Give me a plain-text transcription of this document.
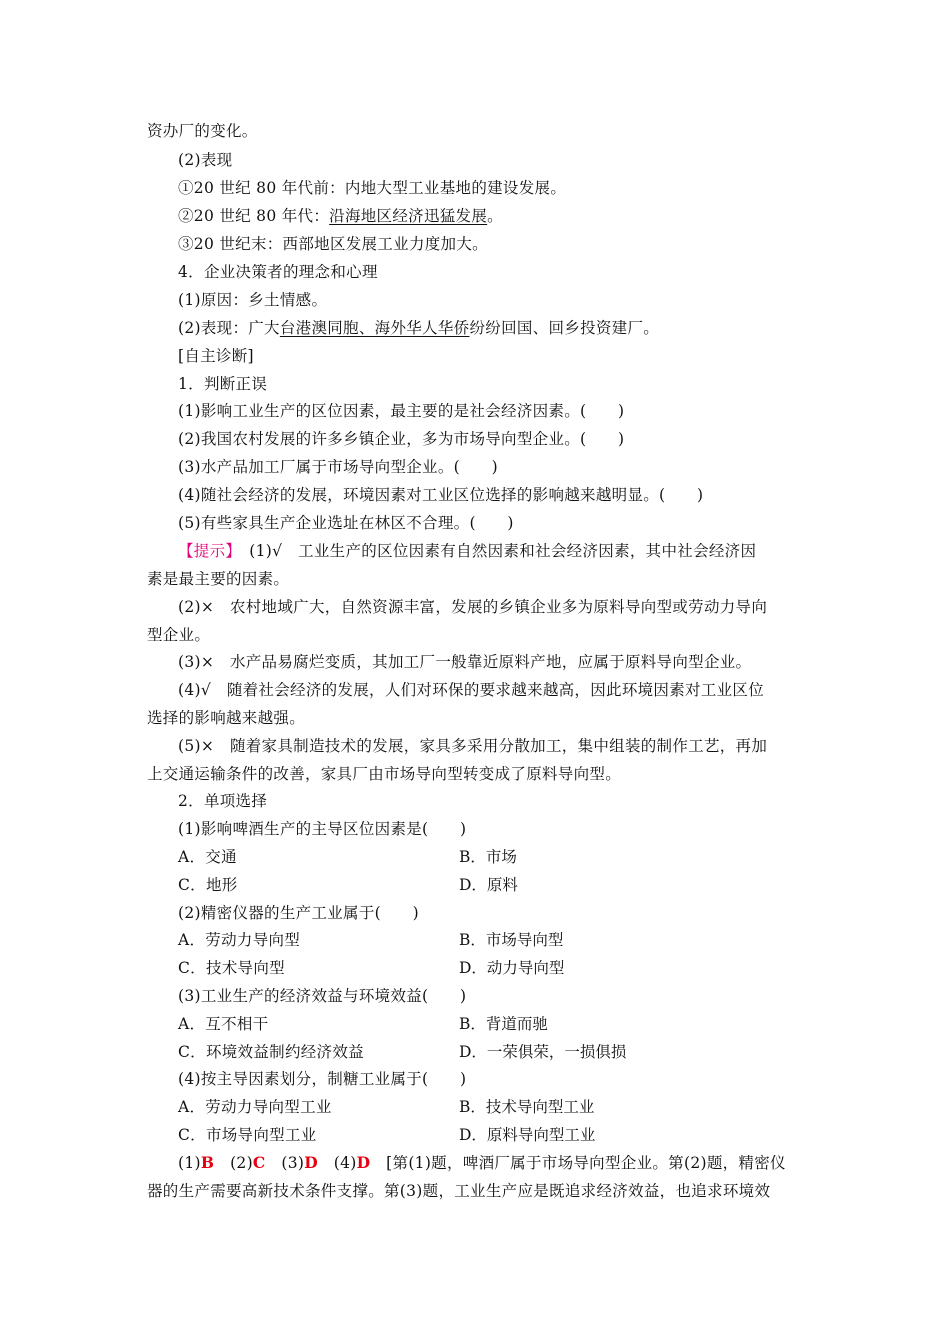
资办厂的变化。
(2)表现
①20 世纪 80 年代前：内地大型工业基地的建设发展。
②20 世纪 80 年代：沿海地区经济迅猛发展。
③20 世纪末：西部地区发展工业力度加大。
4．企业决策者的理念和心理
(1)原因：乡土情感。
(2)表现：广大台港澳同胞、海外华人华侨纷纷回国、回乡投资建厂。
[自主诊断]
1．判断正误
(1)影响工业生产的区位因素，最主要的是社会经济因素。(　　)
(2)我国农村发展的许多乡镇企业，多为市场导向型企业。(　　)
(3)水产品加工厂属于市场导向型企业。(　　)
(4)随社会经济的发展，环境因素对工业区位选择的影响越来越明显。(　　)
(5)有些家具生产企业选址在林区不合理。(　　)
【提示】　(1)√　工业生产的区位因素有自然因素和社会经济因素，其中社会经济因
素是最主要的因素。
(2)×　农村地域广大，自然资源丰富，发展的乡镇企业多为原料导向型或劳动力导向
型企业。
(3)×　水产品易腐烂变质，其加工厂一般靠近原料产地，应属于原料导向型企业。
(4)√　随着社会经济的发展，人们对环保的要求越来越高，因此环境因素对工业区位
选择的影响越来越强。
(5)×　随着家具制造技术的发展，家具多采用分散加工，集中组装的制作工艺，再加
上交通运输条件的改善，家具厂由市场导向型转变成了原料导向型。
2．单项选择
(1)影响啤酒生产的主导区位因素是(　　)
A．交通	B．市场
C．地形	D．原料
(2)精密仪器的生产工业属于(　　)
A．劳动力导向型	B．市场导向型
C．技术导向型	D．动力导向型
(3)工业生产的经济效益与环境效益(　　)
A．互不相干	B．背道而驰
C．环境效益制约经济效益	D．一荣俱荣，一损俱损
(4)按主导因素划分，制糖工业属于(　　)
A．劳动力导向型工业	B．技术导向型工业
C．市场导向型工业	D．原料导向型工业
(1)B　(2)C　(3)D　(4)D　[第(1)题，啤酒厂属于市场导向型企业。第(2)题，精密仪
器的生产需要高新技术条件支撑。第(3)题，工业生产应是既追求经济效益，也追求环境效
